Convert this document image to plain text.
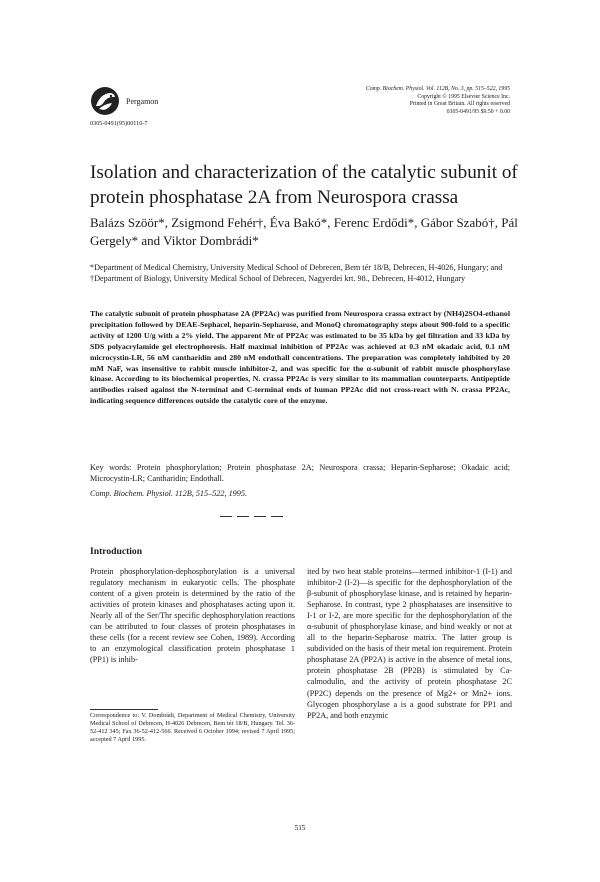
Pergamon
0305-0491(95)00110-7
Comp. Biochem. Physiol. Vol. 112B, No. 3, pp. 515–522, 1995
Copyright © 1995 Elsevier Science Inc.
Printed in Great Britain. All rights reserved
0305-0491/95 $9.50 + 0.00
Isolation and characterization of the catalytic subunit of protein phosphatase 2A from Neurospora crassa

Balázs Szöör*, Zsigmond Fehér†, Éva Bakó*, Ferenc Erdődi*, Gábor Szabó†, Pál Gergely* and Viktor Dombrádi*

*Department of Medical Chemistry, University Medical School of Debrecen, Bem tér 18/B, Debrecen, H-4026, Hungary; and †Department of Biology, University Medical School of Debrecen, Nagyerdei krt. 98., Debrecen, H-4012, Hungary

The catalytic subunit of protein phosphatase 2A (PP2Ac) was purified from Neurospora crassa extract by (NH4)2SO4-ethanol precipitation followed by DEAE-Sephacel, heparin-Sepharose, and MonoQ chromatography steps about 900-fold to a specific activity of 1200 U/g with a 2% yield. The apparent Mr of PP2Ac was estimated to be 35 kDa by gel filtration and 33 kDa by SDS polyacrylamide gel electrophoresis. Half maximal inhibition of PP2Ac was achieved at 0.3 nM okadaic acid, 0.1 nM microcystin-LR, 56 nM cantharidin and 280 nM endothall concentrations. The preparation was completely inhibited by 20 mM NaF, was insensitive to rabbit muscle inhibitor-2, and was specific for the α-subunit of rabbit muscle phosphorylase kinase. According to its biochemical properties, N. crassa PP2Ac is very similar to its mammalian counterparts. Antipeptide antibodies raised against the N-terminal and C-terminal ends of human PP2Ac did not cross-react with N. crassa PP2Ac, indicating sequence differences outside the catalytic core of the enzyme.

Key words: Protein phosphorylation; Protein phosphatase 2A; Neurospora crassa; Heparin-Sepharose; Okadaic acid; Microcystin-LR; Cantharidin; Endothall.

Comp. Biochem. Physiol. 112B, 515–522, 1995.

Introduction

Protein phosphorylation-dephosphorylation is a universal regulatory mechanism in eukaryotic cells. The phosphate content of a given protein is determined by the ratio of the activities of protein kinases and phosphatases acting upon it. Nearly all of the Ser/Thr specific dephosphorylation reactions can be attributed to four classes of protein phosphatases in these cells (for a recent review see Cohen, 1989). According to an enzymological classification protein phosphatase 1 (PP1) is inhib-

ited by two heat stable proteins—termed inhibitor-1 (I-1) and inhibitor-2 (I-2)—is specific for the dephosphorylation of the β-subunit of phosphorylase kinase, and is retained by heparin-Sepharose. In contrast, type 2 phosphatases are insensitive to I-1 or I-2, are more specific for the dephosphorylation of the α-subunit of phosphorylase kinase, and bind weakly or not at all to the heparin-Sepharose matrix. The latter group is subdivided on the basis of their metal ion requirement. Protein phosphatase 2A (PP2A) is active in the absence of metal ions, protein phosphatase 2B (PP2B) is stimulated by Ca-calmodulin, and the activity of protein phosphatase 2C (PP2C) depends on the presence of Mg2+ or Mn2+ ions. Glycogen phosphorylase a is a good substrate for PP1 and PP2A, and both enzymic

Correspondence to: V. Dombrádi, Department of Medical Chemistry, University Medical School of Debrecen, H-4026 Debrecen, Bem tér 18/B, Hungary. Tel. 36-52-412 345; Fax 36-52-412-566. Received 6 October 1994; revised 7 April 1995; accepted 7 April 1995.

515
